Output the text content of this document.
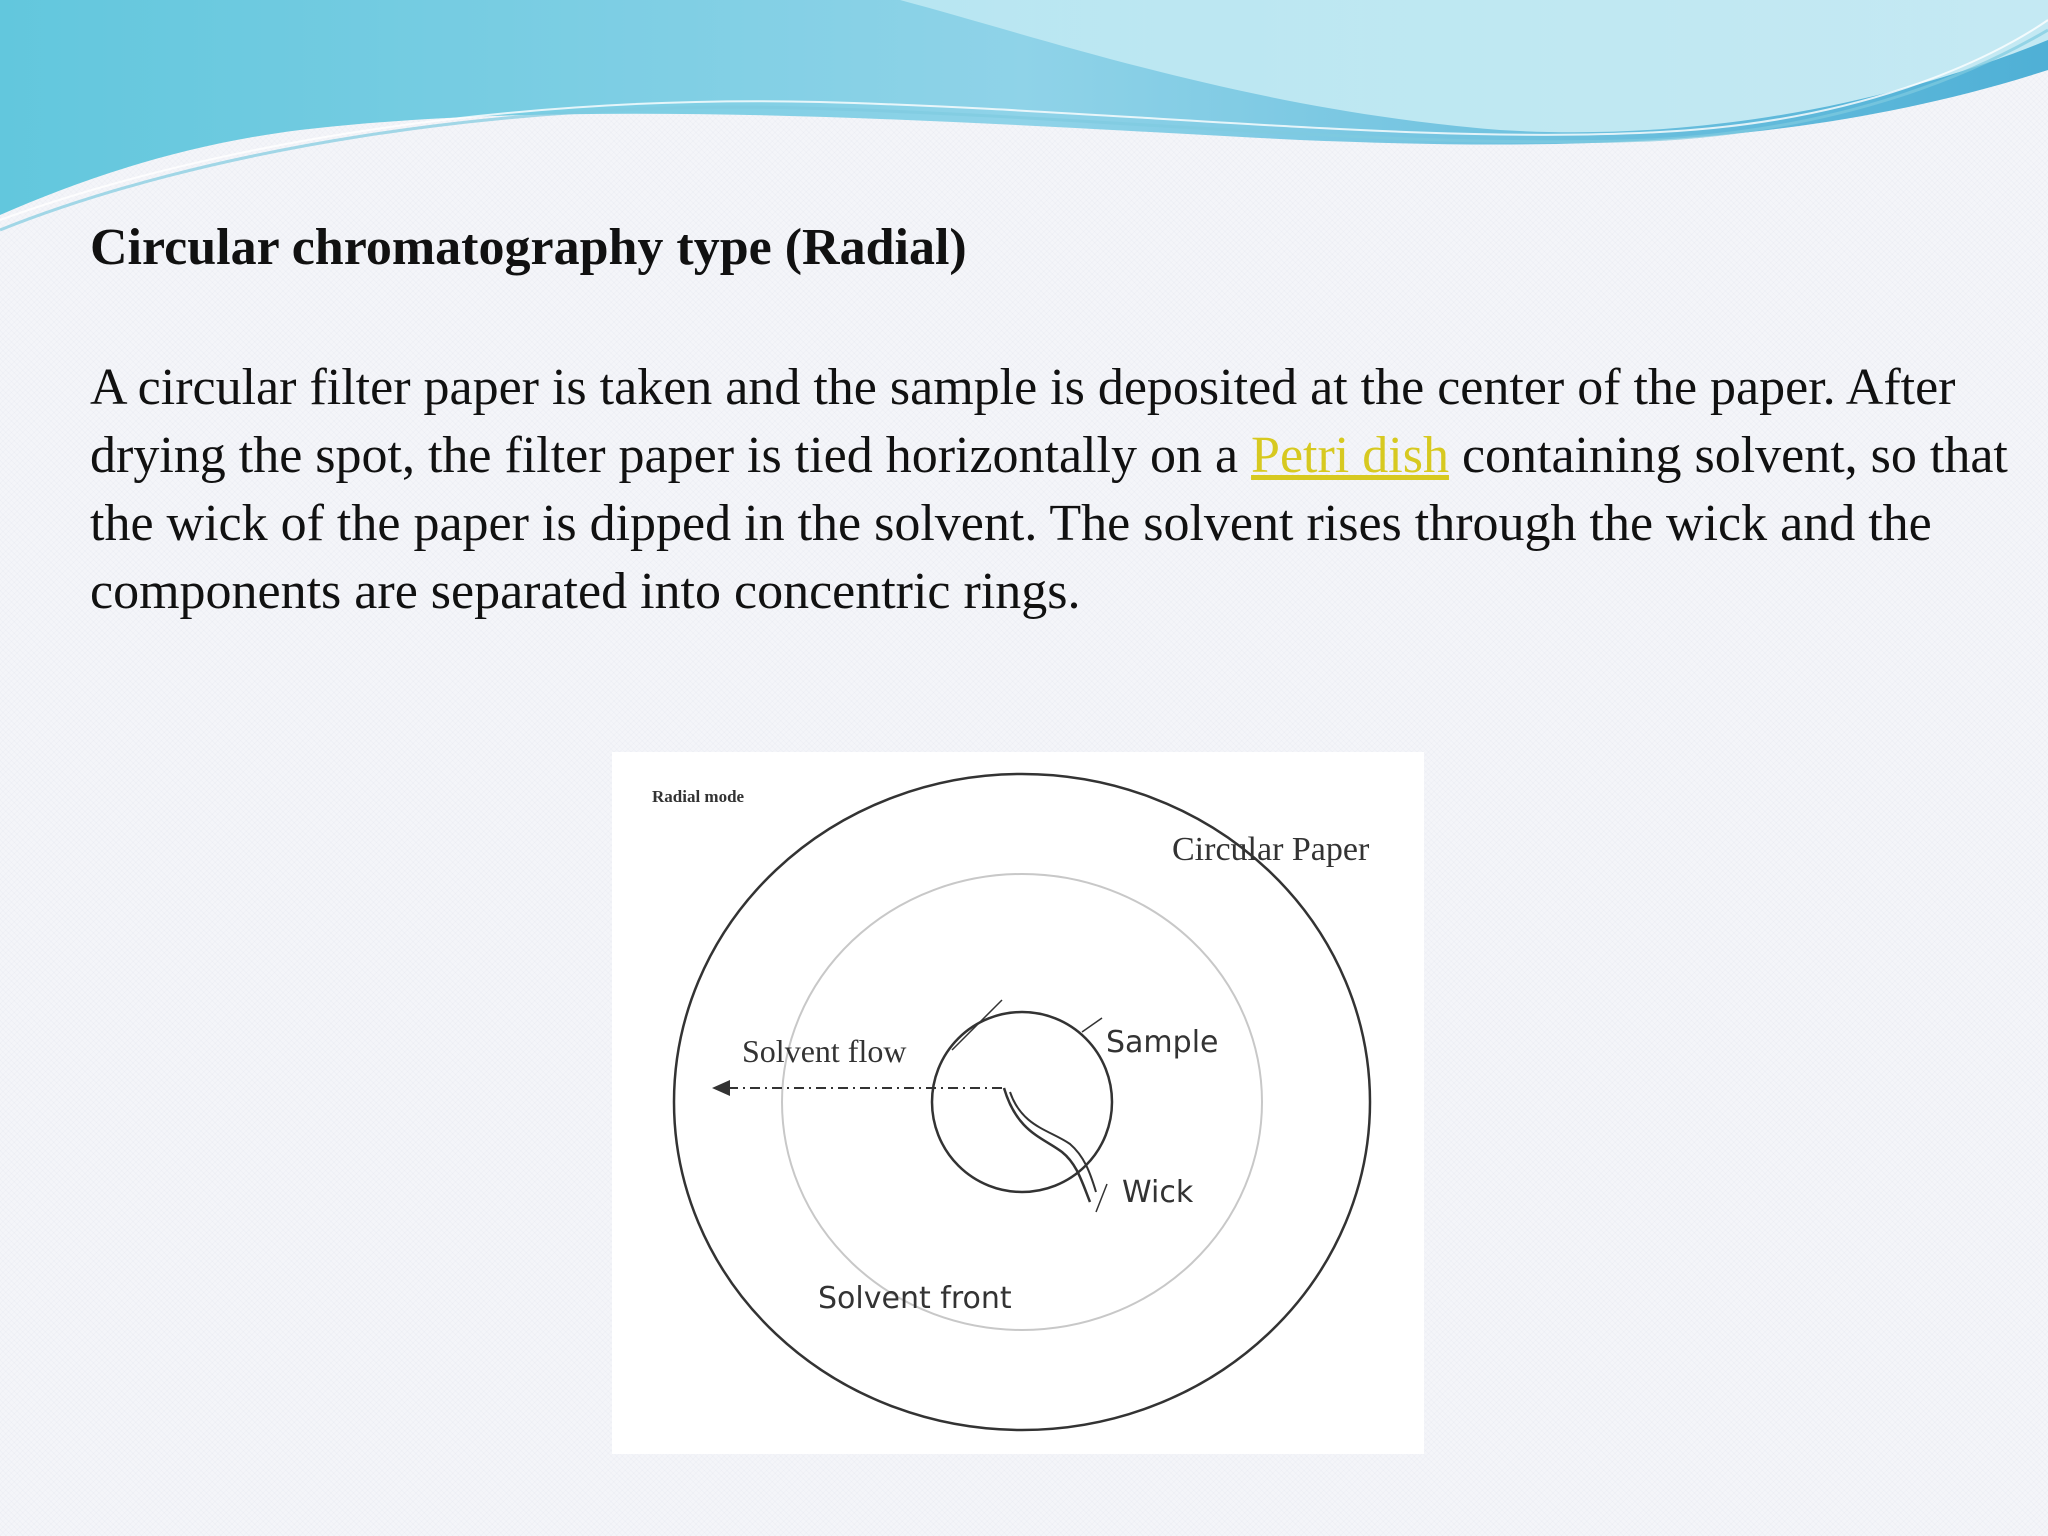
Circular chromatography type (Radial)

A circular filter paper is taken and the sample is deposited at the center of the paper. After drying the spot, the filter paper is tied horizontally on a Petri dish containing solvent, so that the wick of the paper is dipped in the solvent. The solvent rises through the wick and the components are separated into concentric rings.

Radial mode
Circular Paper
Solvent flow	Sample
Wick
Solvent front
